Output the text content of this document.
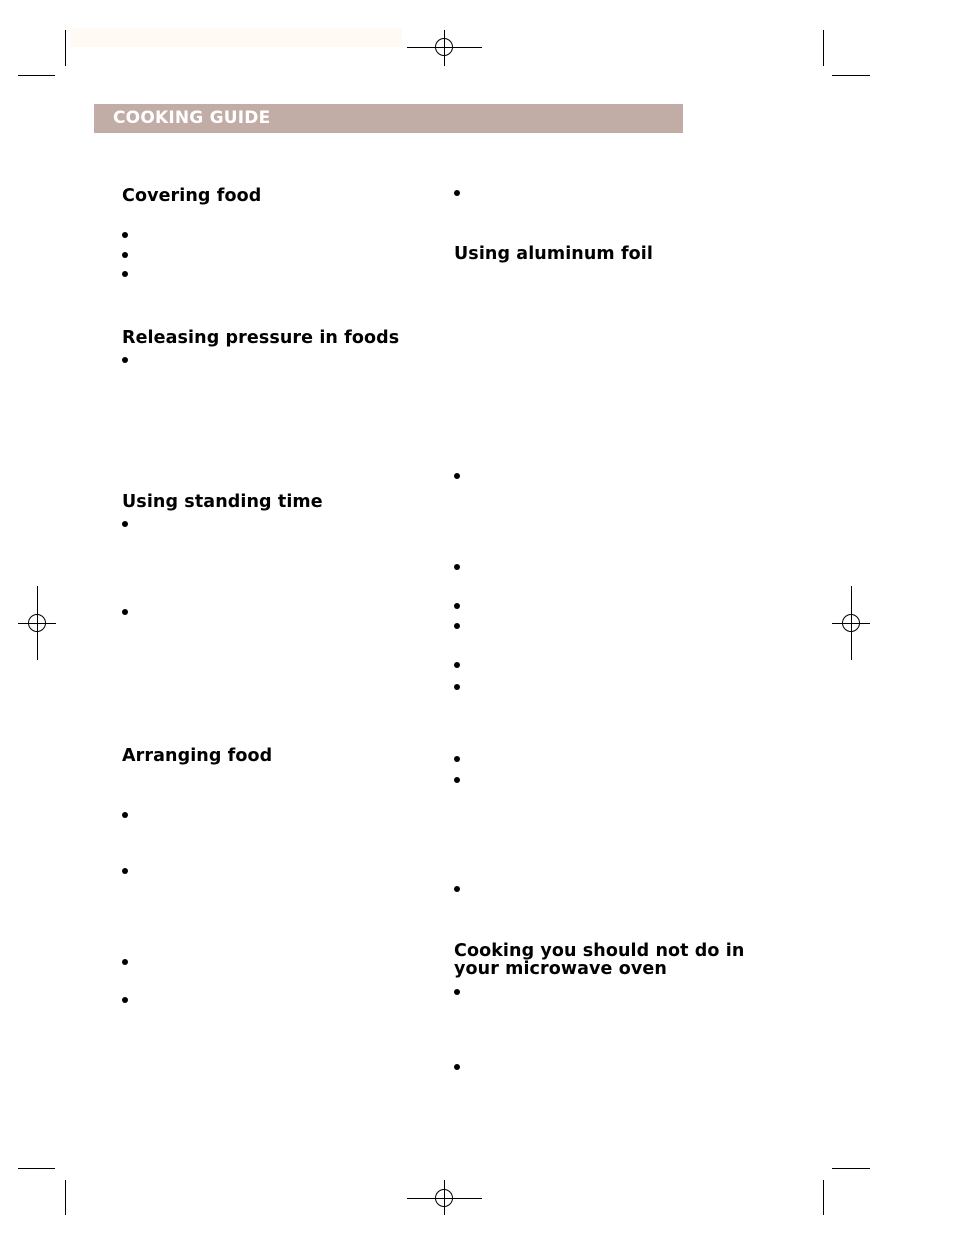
COOKING GUIDE
Covering food
Releasing pressure in foods
Using standing time
Arranging food
Using aluminum foil
Cooking you should not do in your microwave oven
